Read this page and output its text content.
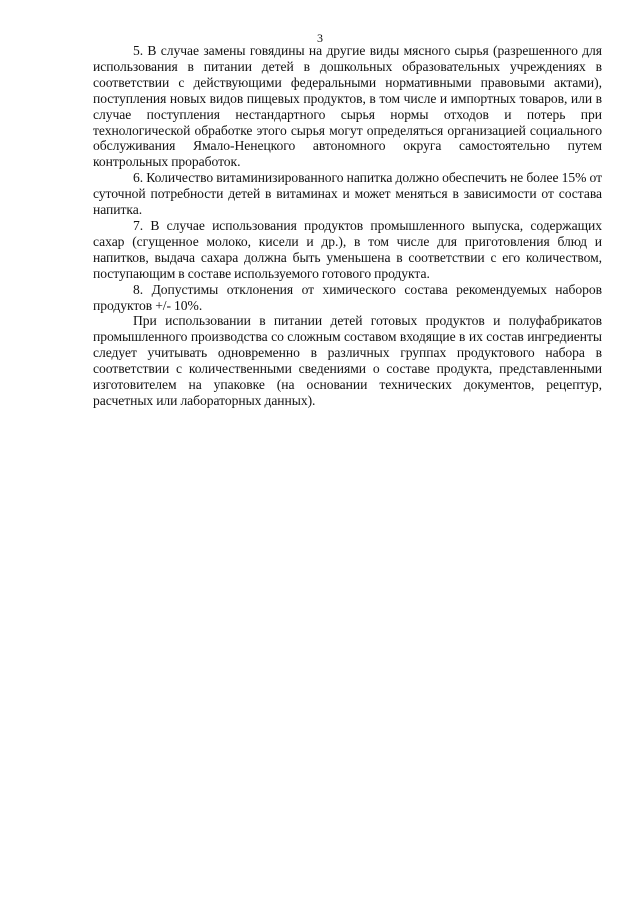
3

5. В случае замены говядины на другие виды мясного сырья (разрешенного для использования в питании детей в дошкольных образовательных учреждениях в соответствии с действующими федеральными нормативными правовыми актами), поступления новых видов пищевых продуктов, в том числе и импортных товаров, или в случае поступления нестандартного сырья нормы отходов и потерь при технологической обработке этого сырья могут определяться организацией социального обслуживания Ямало-Ненецкого автономного округа самостоятельно путем контрольных проработок.

6. Количество витаминизированного напитка должно обеспечить не более 15% от суточной потребности детей в витаминах и может меняться в зависимости от состава напитка.

7. В случае использования продуктов промышленного выпуска, содержащих сахар (сгущенное молоко, кисели и др.), в том числе для приготовления блюд и напитков, выдача сахара должна быть уменьшена в соответствии с его количеством, поступающим в составе используемого готового продукта.

8. Допустимы отклонения от химического состава рекомендуемых наборов продуктов +/- 10%.

При использовании в питании детей готовых продуктов и полуфабрикатов промышленного производства со сложным составом входящие в их состав ингредиенты следует учитывать одновременно в различных группах продуктового набора в соответствии с количественными сведениями о составе продукта, представленными изготовителем на упаковке (на основании технических документов, рецептур, расчетных или лабораторных данных).
